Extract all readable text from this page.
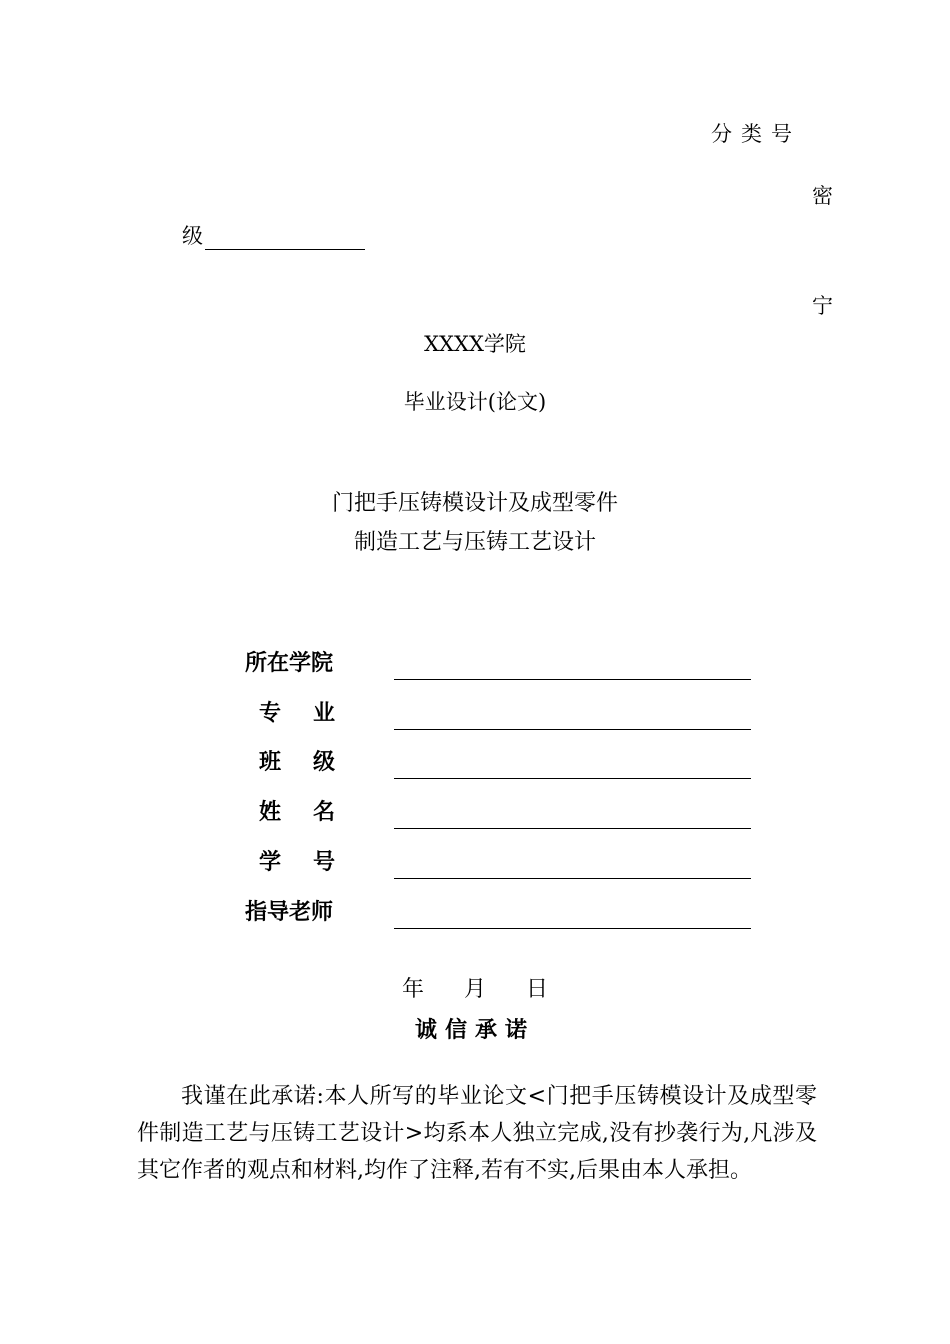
分类号
密
级
宁
XXXX学院
毕业设计(论文)
门把手压铸模设计及成型零件
制造工艺与压铸工艺设计
所在学院
专 业
班 级
姓 名
学 号
指导老师
年 月 日
诚信承诺
我谨在此承诺:本人所写的毕业论文<门把手压铸模设计及成型零件制造工艺与压铸工艺设计>均系本人独立完成,没有抄袭行为,凡涉及其它作者的观点和材料,均作了注释,若有不实,后果由本人承担。
